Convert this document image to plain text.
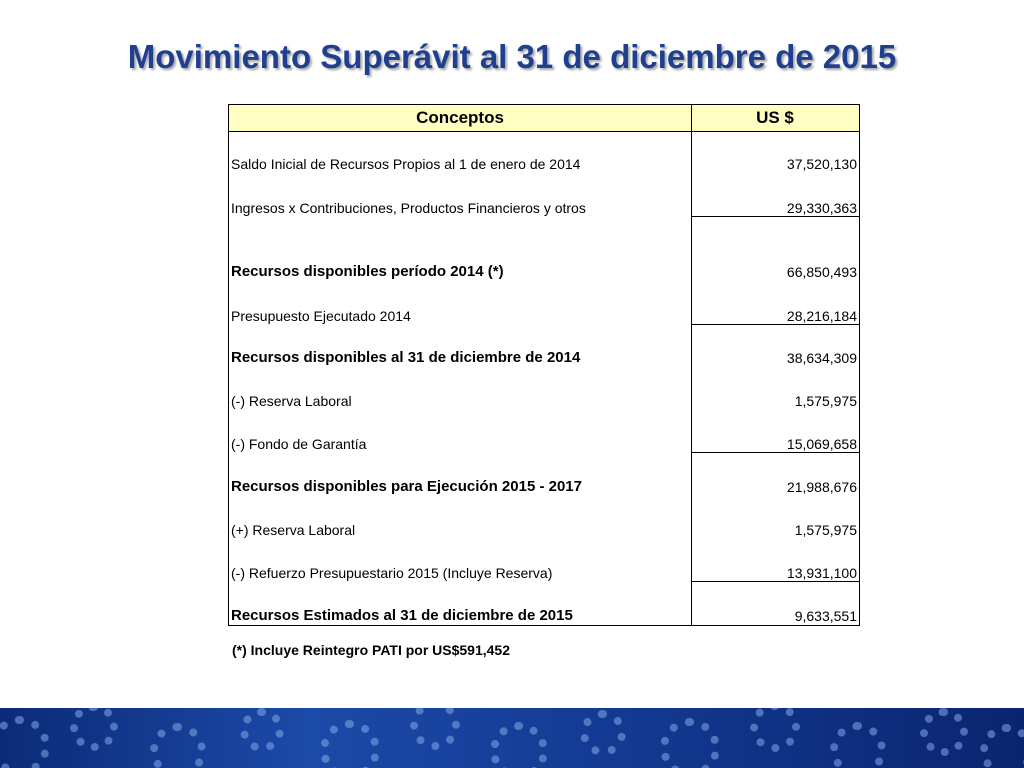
Movimiento Superávit al 31 de diciembre de 2015
Conceptos	US $
Saldo Inicial de Recursos Propios al 1 de enero de 2014	37,520,130
Ingresos x Contribuciones, Productos Financieros y otros	29,330,363
Recursos disponibles período 2014 (*)	66,850,493
Presupuesto Ejecutado 2014	28,216,184
Recursos disponibles al 31 de diciembre de 2014	38,634,309
(-) Reserva Laboral	1,575,975
(-) Fondo de Garantía	15,069,658
Recursos disponibles para Ejecución 2015 - 2017	21,988,676
(+) Reserva Laboral	1,575,975
(-) Refuerzo Presupuestario 2015 (Incluye Reserva)	13,931,100
Recursos Estimados al 31 de diciembre de 2015	9,633,551
(*) Incluye Reintegro PATI por US$591,452
